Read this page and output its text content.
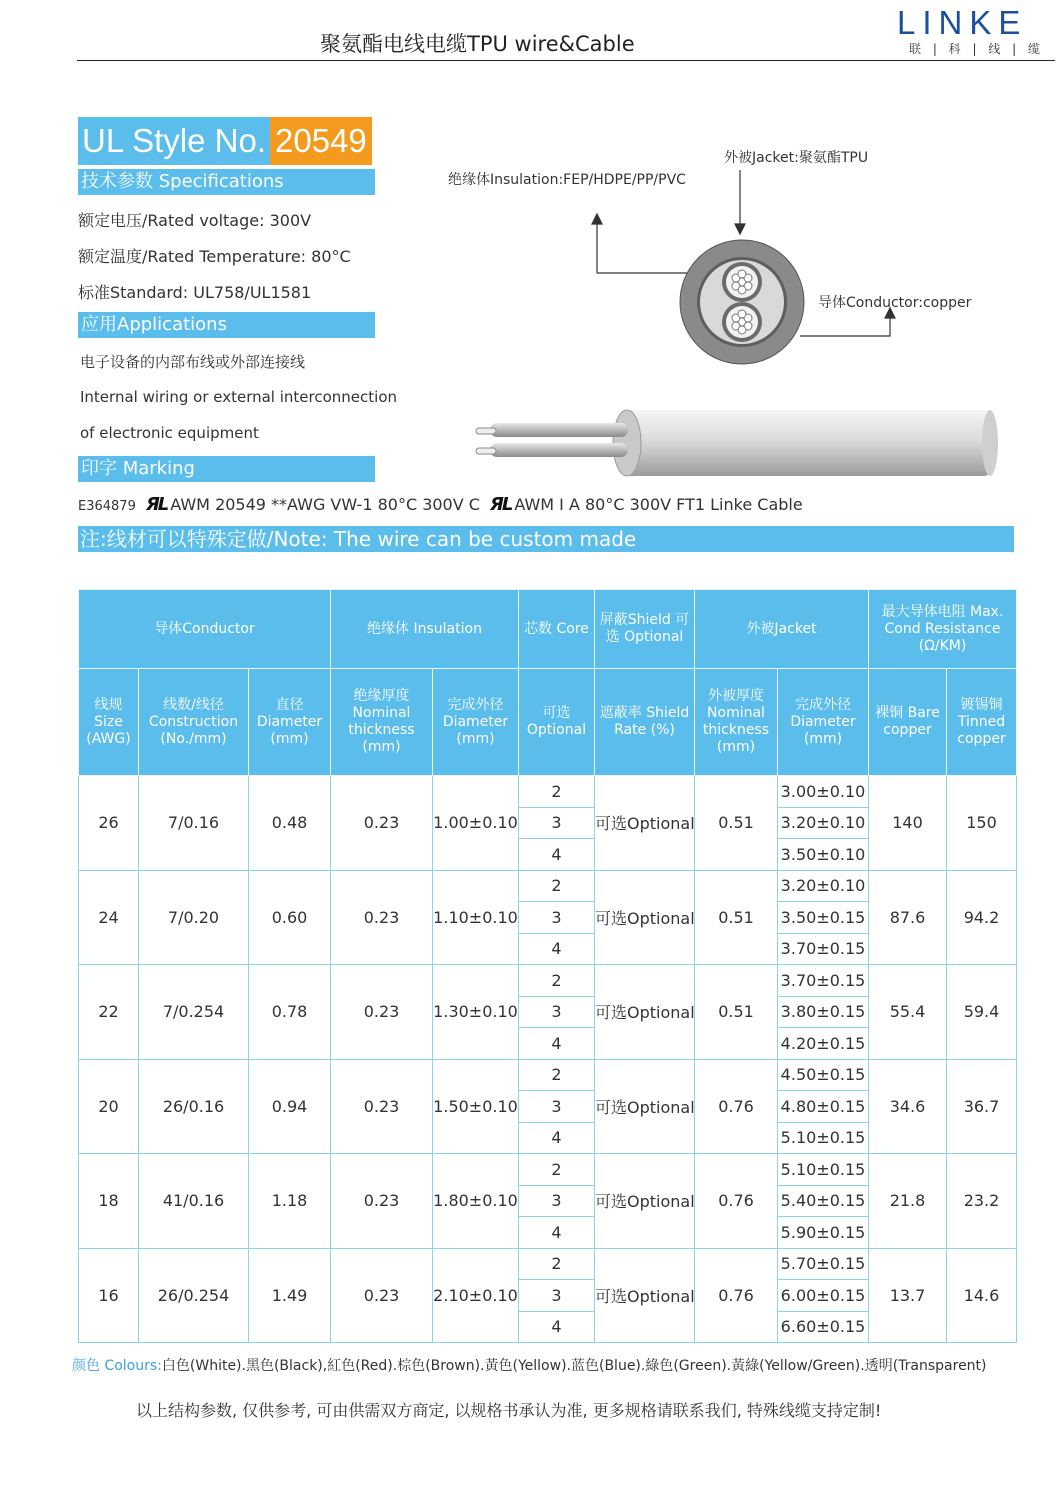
聚氨酯电线电缆TPU wire&Cable
LINKE
联 | 科 | 线 | 缆
UL Style No. 20549
技术参数 Specifications
额定电压/Rated voltage: 300V
额定温度/Rated Temperature: 80°C
标准Standard: UL758/UL1581
应用Applications
电子设备的内部布线或外部连接线
Internal wiring or external interconnection
of electronic equipment
印字 Marking
E364879 ЯL AWM 20549 **AWG VW-1 80°C 300V C ЯL AWM I A 80°C 300V FT1 Linke Cable
注:线材可以特殊定做/Note: The wire can be custom made
外被Jacket:聚氨酯TPU
绝缘体Insulation:FEP/HDPE/PP/PVC
导体Conductor:copper
导体Conductor			绝缘体 Insulation		芯数 Core	屏蔽Shield 可选 Optional	外被Jacket		最大导体电阻 Max. Cond Resistance (Ω/KM)	
线规 Size (AWG)	线数/线径 Construction (No./mm)	直径 Diameter (mm)	绝缘厚度 Nominal thickness (mm)	完成外径 Diameter (mm)	可选 Optional	遮蔽率 Shield Rate (%)	外被厚度 Nominal thickness (mm)	完成外径 Diameter (mm)	裸铜 Bare copper	镀锡铜 Tinned copper
26	7/0.16	0.48	0.23	1.00±0.10	2	可选Optional	0.51	3.00±0.10	140	150
					3			3.20±0.10		
					4			3.50±0.10		
24	7/0.20	0.60	0.23	1.10±0.10	2	可选Optional	0.51	3.20±0.10	87.6	94.2
					3			3.50±0.15		
					4			3.70±0.15		
22	7/0.254	0.78	0.23	1.30±0.10	2	可选Optional	0.51	3.70±0.15	55.4	59.4
					3			3.80±0.15		
					4			4.20±0.15		
20	26/0.16	0.94	0.23	1.50±0.10	2	可选Optional	0.76	4.50±0.15	34.6	36.7
					3			4.80±0.15		
					4			5.10±0.15		
18	41/0.16	1.18	0.23	1.80±0.10	2	可选Optional	0.76	5.10±0.15	21.8	23.2
					3			5.40±0.15		
					4			5.90±0.15		
16	26/0.254	1.49	0.23	2.10±0.10	2	可选Optional	0.76	5.70±0.15	13.7	14.6
					3			6.00±0.15		
					4			6.60±0.15		
颜色 Colours:白色(White).黑色(Black),紅色(Red).棕色(Brown).黃色(Yellow).蓝色(Blue).綠色(Green).黃綠(Yellow/Green).透明(Transparent)
以上结构参数, 仅供参考, 可由供需双方商定, 以规格书承认为准, 更多规格请联系我们, 特殊线缆支持定制!
